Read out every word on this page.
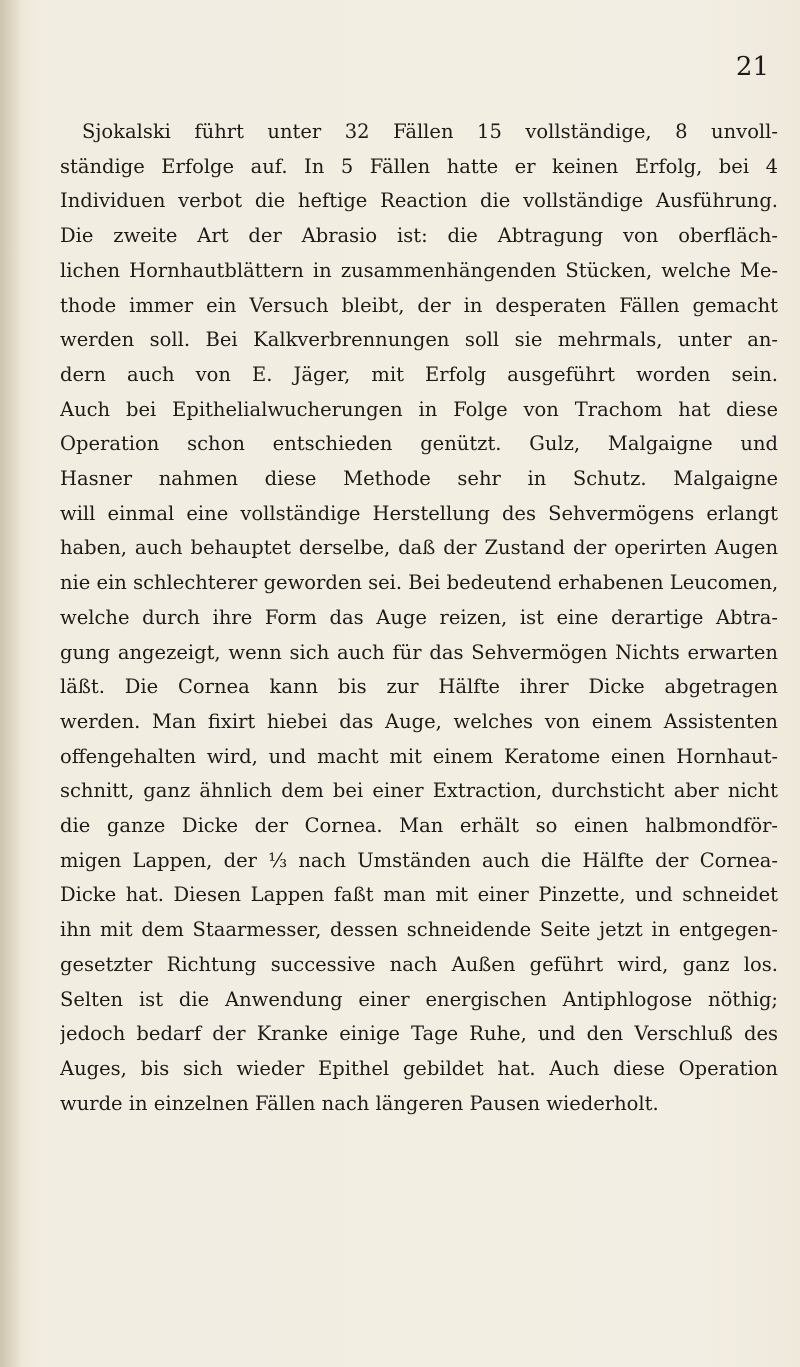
21
Sjokalski führt unter 32 Fällen 15 vollständige, 8 unvoll-
ständige Erfolge auf. In 5 Fällen hatte er keinen Erfolg, bei 4
Individuen verbot die heftige Reaction die vollständige Ausführung.
Die zweite Art der Abrasio ist: die Abtragung von oberfläch-
lichen Hornhautblättern in zusammenhängenden Stücken, welche Me-
thode immer ein Versuch bleibt, der in desperaten Fällen gemacht
werden soll. Bei Kalkverbrennungen soll sie mehrmals, unter an-
dern auch von E. Jäger, mit Erfolg ausgeführt worden sein.
Auch bei Epithelialwucherungen in Folge von Trachom hat diese
Operation schon entschieden genützt. Gulz, Malgaigne und
Hasner nahmen diese Methode sehr in Schutz. Malgaigne
will einmal eine vollständige Herstellung des Sehvermögens erlangt
haben, auch behauptet derselbe, daß der Zustand der operirten Augen
nie ein schlechterer geworden sei. Bei bedeutend erhabenen Leucomen,
welche durch ihre Form das Auge reizen, ist eine derartige Abtra-
gung angezeigt, wenn sich auch für das Sehvermögen Nichts erwarten
läßt. Die Cornea kann bis zur Hälfte ihrer Dicke abgetragen
werden. Man fixirt hiebei das Auge, welches von einem Assistenten
offengehalten wird, und macht mit einem Keratome einen Hornhaut-
schnitt, ganz ähnlich dem bei einer Extraction, durchsticht aber nicht
die ganze Dicke der Cornea. Man erhält so einen halbmondför-
migen Lappen, der ⅓ nach Umständen auch die Hälfte der Cornea-
Dicke hat. Diesen Lappen faßt man mit einer Pinzette, und schneidet
ihn mit dem Staarmesser, dessen schneidende Seite jetzt in entgegen-
gesetzter Richtung successive nach Außen geführt wird, ganz los.
Selten ist die Anwendung einer energischen Antiphlogose nöthig;
jedoch bedarf der Kranke einige Tage Ruhe, und den Verschluß des
Auges, bis sich wieder Epithel gebildet hat. Auch diese Operation
wurde in einzelnen Fällen nach längeren Pausen wiederholt.
